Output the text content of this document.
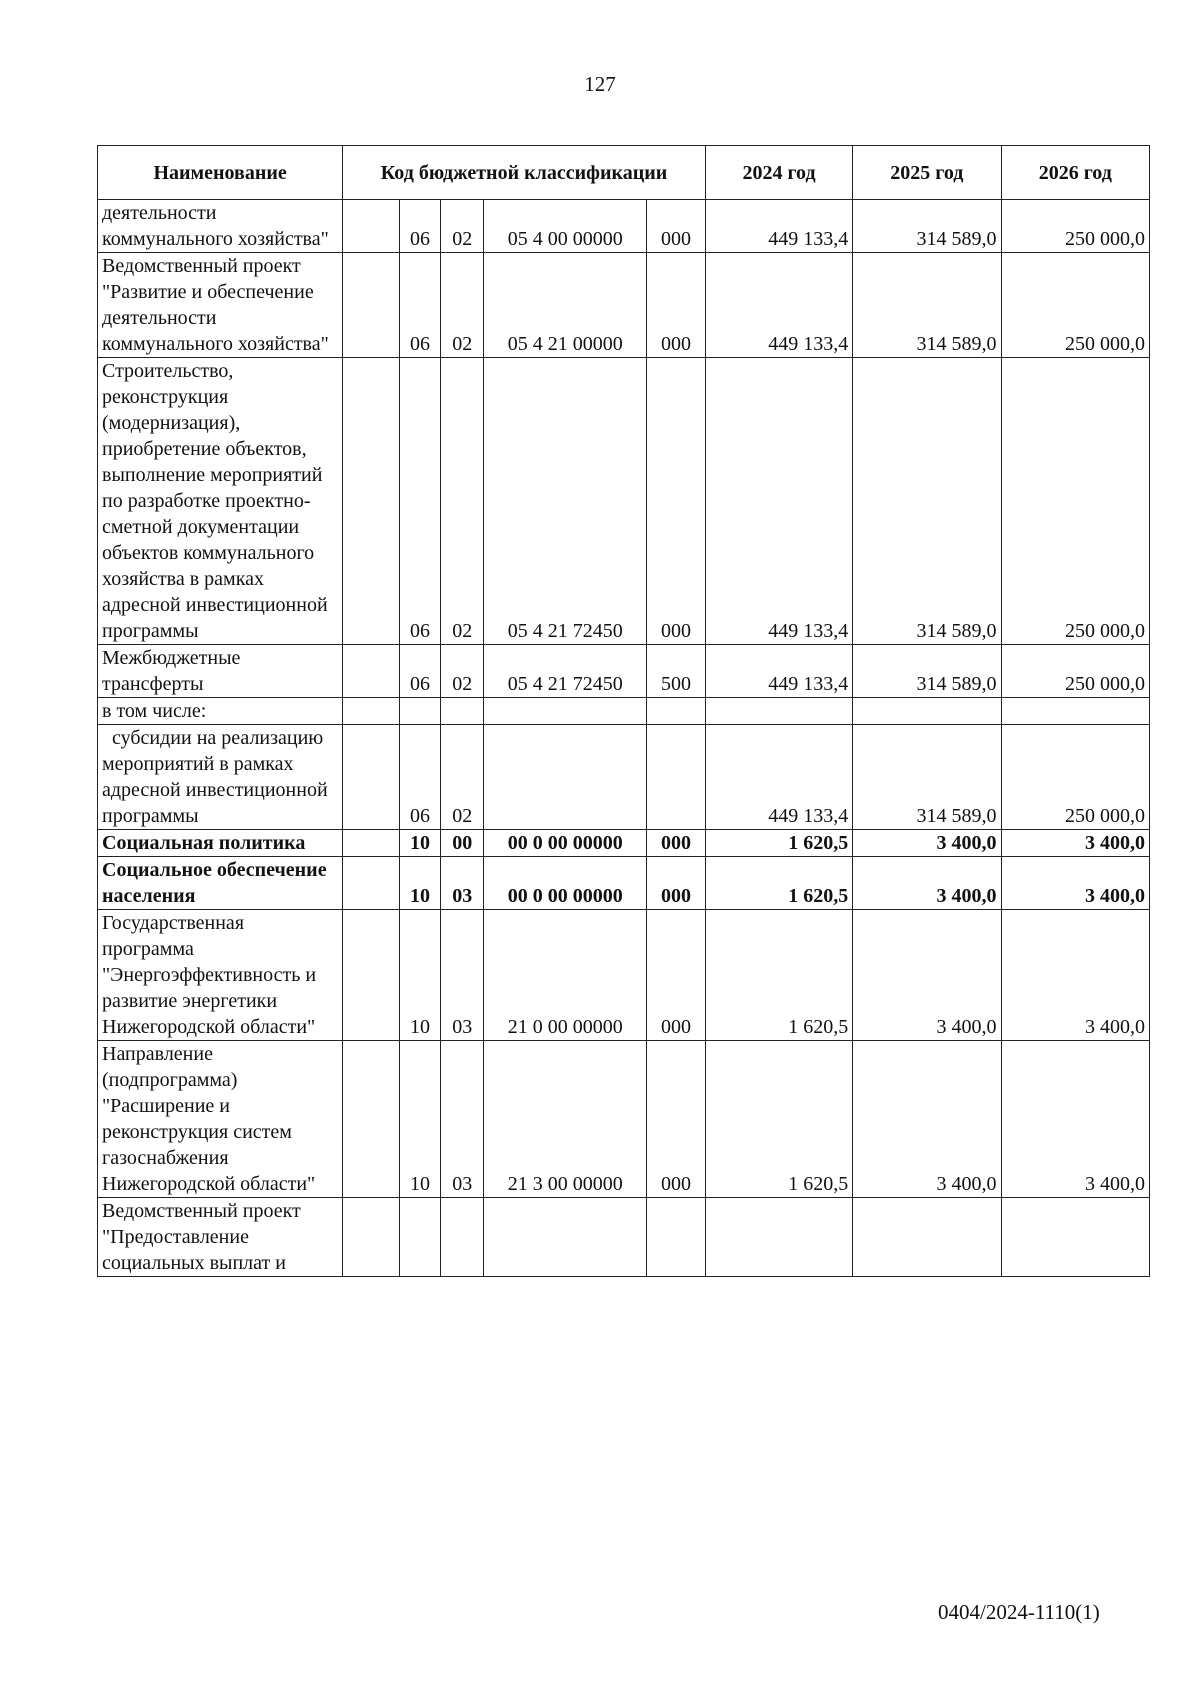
127
Наименование	Код бюджетной классификации					2024 год	2025 год	2026 год
деятельности коммунального хозяйства"		06	02	05 4 00 00000	000	449 133,4	314 589,0	250 000,0
Ведомственный проект "Развитие и обеспечение деятельности коммунального хозяйства"		06	02	05 4 21 00000	000	449 133,4	314 589,0	250 000,0
Строительство, реконструкция (модернизация), приобретение объектов, выполнение мероприятий по разработке проектно-сметной документации объектов коммунального хозяйства в рамках адресной инвестиционной программы		06	02	05 4 21 72450	000	449 133,4	314 589,0	250 000,0
Межбюджетные трансферты		06	02	05 4 21 72450	500	449 133,4	314 589,0	250 000,0
в том числе:								
субсидии на реализацию мероприятий в рамках адресной инвестиционной программы		06	02			449 133,4	314 589,0	250 000,0
Социальная политика		10	00	00 0 00 00000	000	1 620,5	3 400,0	3 400,0
Социальное обеспечение населения		10	03	00 0 00 00000	000	1 620,5	3 400,0	3 400,0
Государственная программа "Энергоэффективность и развитие энергетики Нижегородской области"		10	03	21 0 00 00000	000	1 620,5	3 400,0	3 400,0
Направление (подпрограмма) "Расширение и реконструкция систем газоснабжения Нижегородской области"		10	03	21 3 00 00000	000	1 620,5	3 400,0	3 400,0
Ведомственный проект "Предоставление социальных выплат и								
0404/2024-1110(1)
